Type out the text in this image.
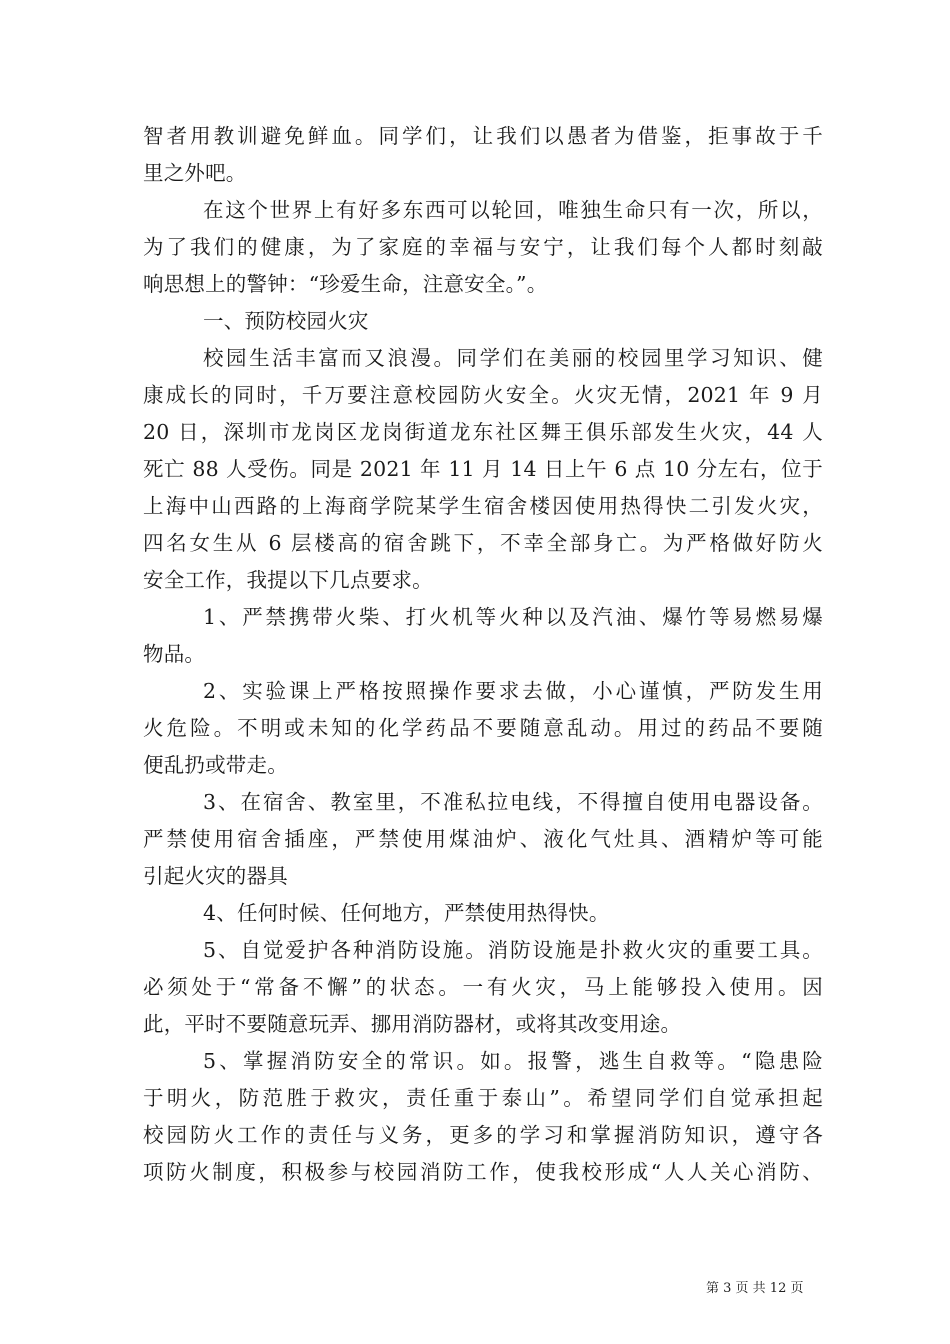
智者用教训避免鲜血。同学们，让我们以愚者为借鉴，拒事故于千
里之外吧。
在这个世界上有好多东西可以轮回，唯独生命只有一次，所以，
为了我们的健康，为了家庭的幸福与安宁，让我们每个人都时刻敲
响思想上的警钟：“珍爱生命，注意安全。”。
一、预防校园火灾
校园生活丰富而又浪漫。同学们在美丽的校园里学习知识、健
康成长的同时，千万要注意校园防火安全。火灾无情，2021 年 9 月
20 日，深圳市龙岗区龙岗街道龙东社区舞王俱乐部发生火灾，44 人
死亡 88 人受伤。同是 2021 年 11 月 14 日上午 6 点 10 分左右，位于
上海中山西路的上海商学院某学生宿舍楼因使用热得快二引发火灾，
四名女生从 6 层楼高的宿舍跳下，不幸全部身亡。为严格做好防火
安全工作，我提以下几点要求。
1、严禁携带火柴、打火机等火种以及汽油、爆竹等易燃易爆
物品。
2、实验课上严格按照操作要求去做，小心谨慎，严防发生用
火危险。不明或未知的化学药品不要随意乱动。用过的药品不要随
便乱扔或带走。
3、在宿舍、教室里，不准私拉电线，不得擅自使用电器设备。
严禁使用宿舍插座，严禁使用煤油炉、液化气灶具、酒精炉等可能
引起火灾的器具
4、任何时候、任何地方，严禁使用热得快。
5、自觉爱护各种消防设施。消防设施是扑救火灾的重要工具。
必须处于“常备不懈”的状态。一有火灾，马上能够投入使用。因
此，平时不要随意玩弄、挪用消防器材，或将其改变用途。
5、掌握消防安全的常识。如。报警，逃生自救等。“隐患险
于明火，防范胜于救灾，责任重于泰山”。希望同学们自觉承担起
校园防火工作的责任与义务，更多的学习和掌握消防知识，遵守各
项防火制度，积极参与校园消防工作，使我校形成“人人关心消防、
第 3 页 共 12 页
